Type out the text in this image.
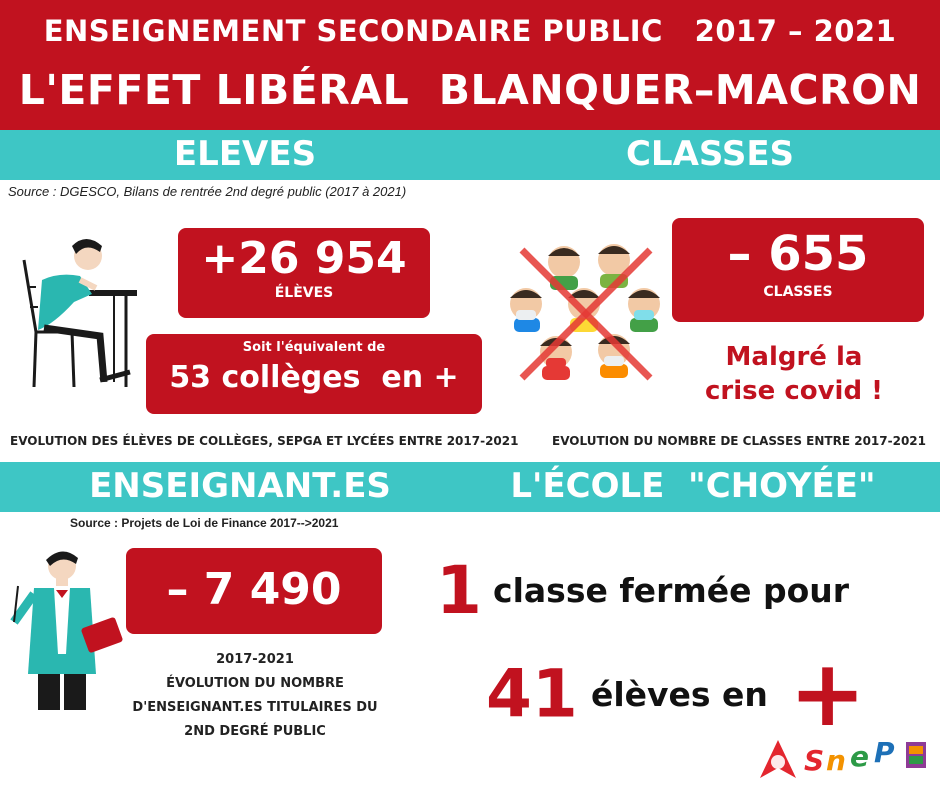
ENSEIGNEMENT SECONDAIRE PUBLIC   2017 – 2021
L'EFFET LIBÉRAL  BLANQUER–MACRON
ELEVES	CLASSES
Source : DGESCO, Bilans de rentrée 2nd degré public (2017 à 2021)
+26 954
ÉLÈVES
Soit l'équivalent de
53 collèges  en +
EVOLUTION DES ÉLÈVES DE COLLÈGES, SEPGA ET LYCÉES ENTRE 2017-2021
– 655
CLASSES
Malgré la
crise covid !
EVOLUTION DU NOMBRE DE CLASSES ENTRE 2017-2021
ENSEIGNANT.ES	L'ÉCOLE  "CHOYÉE"
Source : Projets de Loi de Finance 2017-->2021
– 7 490
2017-2021
ÉVOLUTION DU NOMBRE
D'ENSEIGNANT.ES TITULAIRES DU
2ND DEGRÉ PUBLIC
1 classe fermée pour
41 élèves en +
S n e P
